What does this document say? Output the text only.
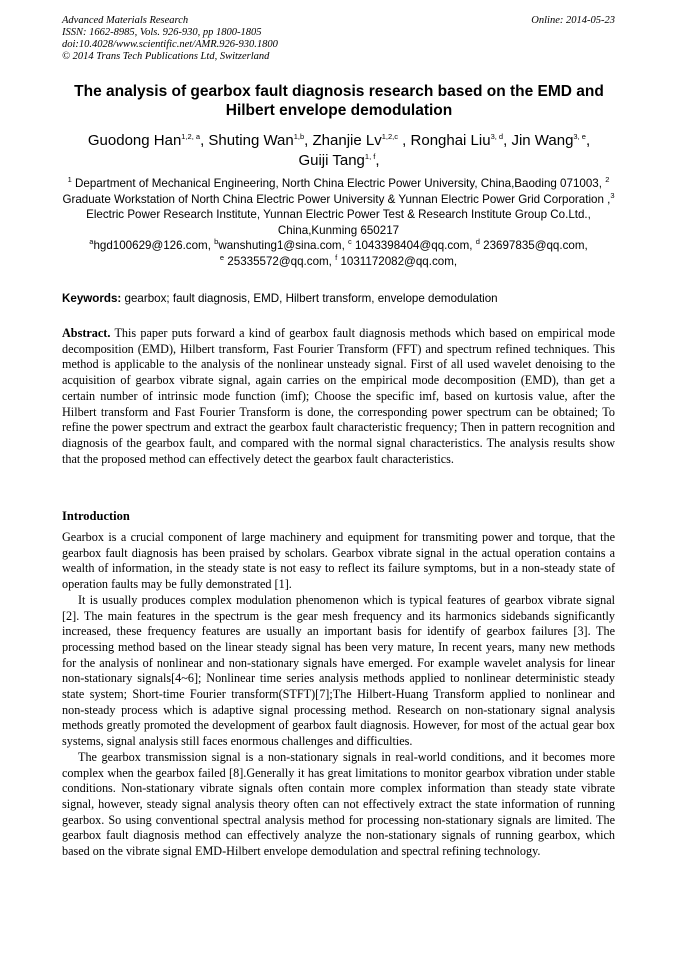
Advanced Materials Research
ISSN: 1662-8985, Vols. 926-930, pp 1800-1805
doi:10.4028/www.scientific.net/AMR.926-930.1800
© 2014 Trans Tech Publications Ltd, Switzerland
Online: 2014-05-23
The analysis of gearbox fault diagnosis research based on the EMD and Hilbert envelope demodulation
Guodong Han$^{1,2, a}$, Shuting Wan$^{1,b}$, Zhanjie Lv$^{1,2,c}$ , Ronghai Liu$^{3, d}$, Jin Wang$^{3, e}$,
Guiji Tang$^{1, f}$,
$^1$ Department of Mechanical Engineering, North China Electric Power University, China,Baoding 071003, $^2$ Graduate Workstation of North China Electric Power University & Yunnan Electric Power Grid Corporation ,$^3$ Electric Power Research Institute, Yunnan Electric Power Test & Research Institute Group Co.Ltd., China,Kunming 650217
$^a$hgd100629@126.com, $^b$wanshuting1@sina.com, $^c$ 1043398404@qq.com, $^d$ 23697835@qq.com,
$^e$ 25335572@qq.com, $^f$ 1031172082@qq.com,
Keywords: gearbox; fault diagnosis, EMD, Hilbert transform, envelope demodulation
Abstract. This paper puts forward a kind of gearbox fault diagnosis methods which based on empirical mode decomposition (EMD), Hilbert transform, Fast Fourier Transform (FFT) and spectrum refined techniques. This method is applicable to the analysis of the nonlinear unsteady signal. First of all used wavelet denoising to the acquisition of gearbox vibrate signal, again carries on the empirical mode decomposition (EMD), than get a certain number of intrinsic mode function (imf); Choose the specific imf, based on kurtosis value, after the Hilbert transform and Fast Fourier Transform is done, the corresponding power spectrum can be obtained; To refine the power spectrum and extract the gearbox fault characteristic frequency; Then in pattern recognition and diagnosis of the gearbox fault, and compared with the normal signal characteristics. The analysis results show that the proposed method can effectively detect the gearbox fault characteristics.
Introduction

Gearbox is a crucial component of large machinery and equipment for transmiting power and torque, that the gearbox fault diagnosis has been praised by scholars. Gearbox vibrate signal in the actual operation contains a wealth of information, in the steady state is not easy to reflect its failure symptoms, but in a non-steady state of operation faults may be fully demonstrated [1].

It is usually produces complex modulation phenomenon which is typical features of gearbox vibrate signal [2]. The main features in the spectrum is the gear mesh frequency and its harmonics sidebands significantly increased, these frequency features are usually an important basis for identify of gearbox failures [3]. The processing method based on the linear steady signal has been very mature, In recent years, many new methods for the analysis of nonlinear and non-stationary signals have emerged. For example wavelet analysis for linear non-stationary signals[4~6]; Nonlinear time series analysis methods applied to nonlinear deterministic steady state system; Short-time Fourier transform(STFT)[7];The Hilbert-Huang Transform applied to nonlinear and non-steady process which is adaptive signal processing method. Research on non-stationary signal analysis methods greatly promoted the development of gearbox fault diagnosis. However, for most of the actual gear box systems, signal analysis still faces enormous challenges and difficulties.

The gearbox transmission signal is a non-stationary signals in real-world conditions, and it becomes more complex when the gearbox failed [8].Generally it has great limitations to monitor gearbox vibration under stable conditions. Non-stationary vibrate signals often contain more complex information than steady state vibrate signal, however, steady signal analysis theory often can not effectively extract the state information of running gearbox. So using conventional spectral analysis method for processing non-stationary signals are limited. The gearbox fault diagnosis method can effectively analyze the non-stationary signals of running gearbox, which based on the vibrate signal EMD-Hilbert envelope demodulation and spectral refining technology.
